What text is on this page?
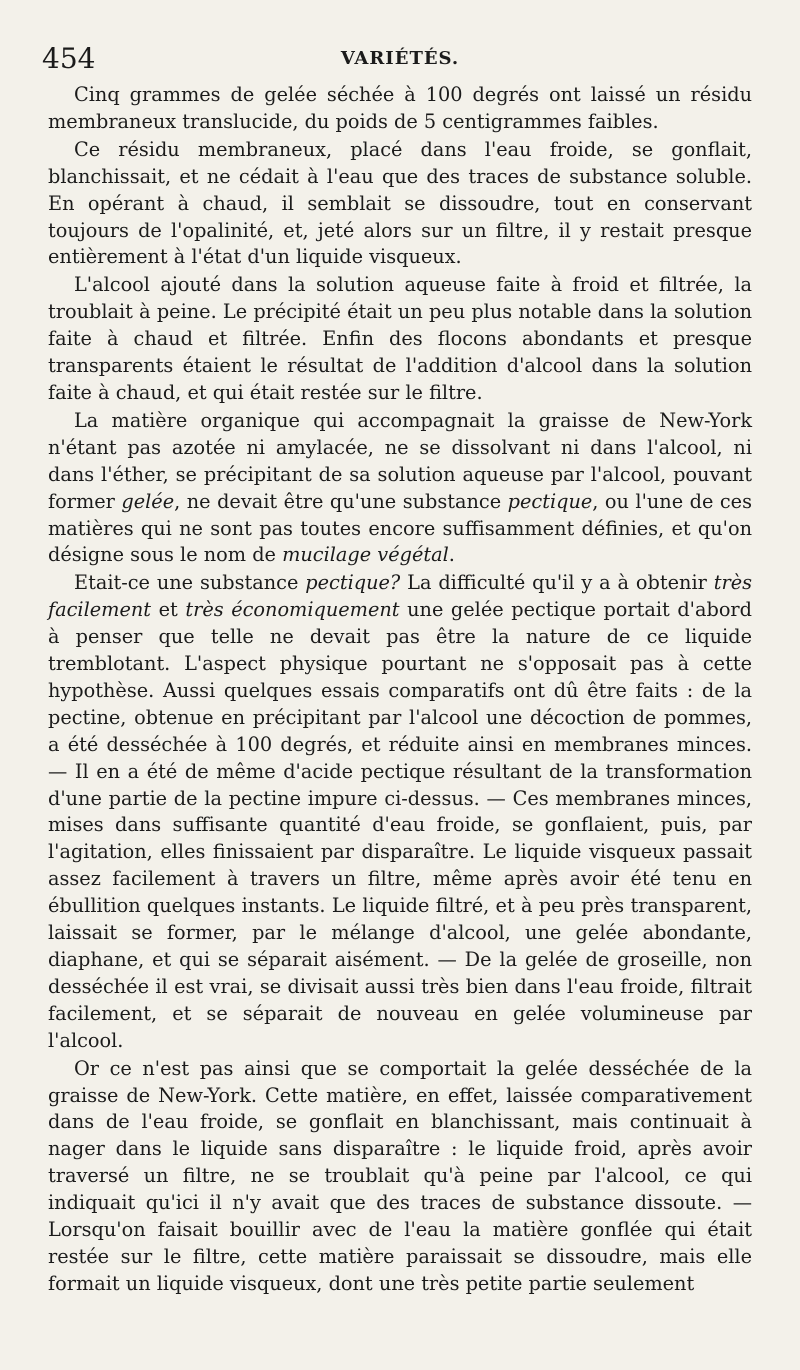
454	VARIÉTÉS.

Cinq grammes de gelée séchée à 100 degrés ont laissé un résidu membraneux translucide, du poids de 5 centigrammes faibles.

Ce résidu membraneux, placé dans l'eau froide, se gonflait, blanchissait, et ne cédait à l'eau que des traces de substance soluble. En opérant à chaud, il semblait se dissoudre, tout en conservant toujours de l'opalinité, et, jeté alors sur un filtre, il y restait presque entièrement à l'état d'un liquide visqueux.

L'alcool ajouté dans la solution aqueuse faite à froid et filtrée, la troublait à peine. Le précipité était un peu plus notable dans la solution faite à chaud et filtrée. Enfin des flocons abondants et presque transparents étaient le résultat de l'addition d'alcool dans la solution faite à chaud, et qui était restée sur le filtre.

La matière organique qui accompagnait la graisse de New-York n'étant pas azotée ni amylacée, ne se dissolvant ni dans l'alcool, ni dans l'éther, se précipitant de sa solution aqueuse par l'alcool, pouvant former gelée, ne devait être qu'une substance pectique, ou l'une de ces matières qui ne sont pas toutes encore suffisamment définies, et qu'on désigne sous le nom de mucilage végétal.

Etait-ce une substance pectique? La difficulté qu'il y a à obtenir très facilement et très économiquement une gelée pectique portait d'abord à penser que telle ne devait pas être la nature de ce liquide tremblotant. L'aspect physique pourtant ne s'opposait pas à cette hypothèse. Aussi quelques essais comparatifs ont dû être faits : de la pectine, obtenue en précipitant par l'alcool une décoction de pommes, a été desséchée à 100 degrés, et réduite ainsi en membranes minces. — Il en a été de même d'acide pectique résultant de la transformation d'une partie de la pectine impure ci-dessus. — Ces membranes minces, mises dans suffisante quantité d'eau froide, se gonflaient, puis, par l'agitation, elles finissaient par disparaître. Le liquide visqueux passait assez facilement à travers un filtre, même après avoir été tenu en ébullition quelques instants. Le liquide filtré, et à peu près transparent, laissait se former, par le mélange d'alcool, une gelée abondante, diaphane, et qui se séparait aisément. — De la gelée de groseille, non desséchée il est vrai, se divisait aussi très bien dans l'eau froide, filtrait facilement, et se séparait de nouveau en gelée volumineuse par l'alcool.

Or ce n'est pas ainsi que se comportait la gelée desséchée de la graisse de New-York. Cette matière, en effet, laissée comparativement dans de l'eau froide, se gonflait en blanchissant, mais continuait à nager dans le liquide sans disparaître : le liquide froid, après avoir traversé un filtre, ne se troublait qu'à peine par l'alcool, ce qui indiquait qu'ici il n'y avait que des traces de substance dissoute. — Lorsqu'on faisait bouillir avec de l'eau la matière gonflée qui était restée sur le filtre, cette matière paraissait se dissoudre, mais elle formait un liquide visqueux, dont une très petite partie seulement
